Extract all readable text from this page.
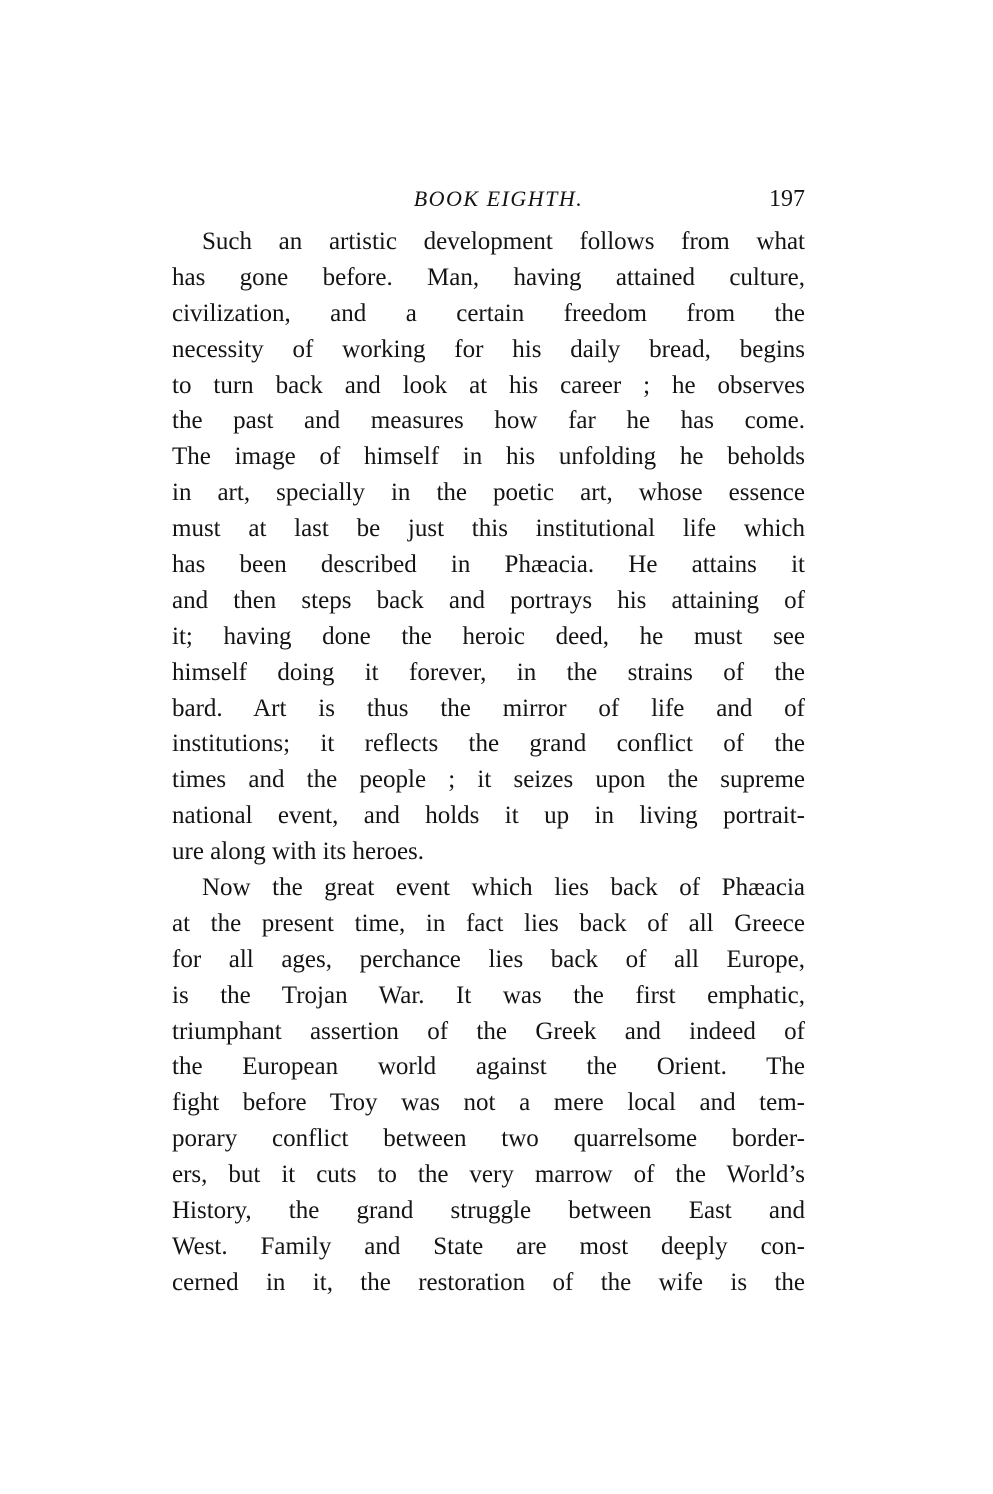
BOOK EIGHTH.	197
Such an artistic development follows from what
has gone before. Man, having attained culture,
civilization, and a certain freedom from the
necessity of working for his daily bread, begins
to turn back and look at his career ; he observes
the past and measures how far he has come.
The image of himself in his unfolding he beholds
in art, specially in the poetic art, whose essence
must at last be just this institutional life which
has been described in Phæacia. He attains it
and then steps back and portrays his attaining of
it; having done the heroic deed, he must see
himself doing it forever, in the strains of the
bard. Art is thus the mirror of life and of
institutions; it reflects the grand conflict of the
times and the people ; it seizes upon the supreme
national event, and holds it up in living portrait-
ure along with its heroes.
Now the great event which lies back of Phæacia
at the present time, in fact lies back of all Greece
for all ages, perchance lies back of all Europe,
is the Trojan War. It was the first emphatic,
triumphant assertion of the Greek and indeed of
the European world against the Orient. The
fight before Troy was not a mere local and tem-
porary conflict between two quarrelsome border-
ers, but it cuts to the very marrow of the World’s
History, the grand struggle between East and
West. Family and State are most deeply con-
cerned in it, the restoration of the wife is the
